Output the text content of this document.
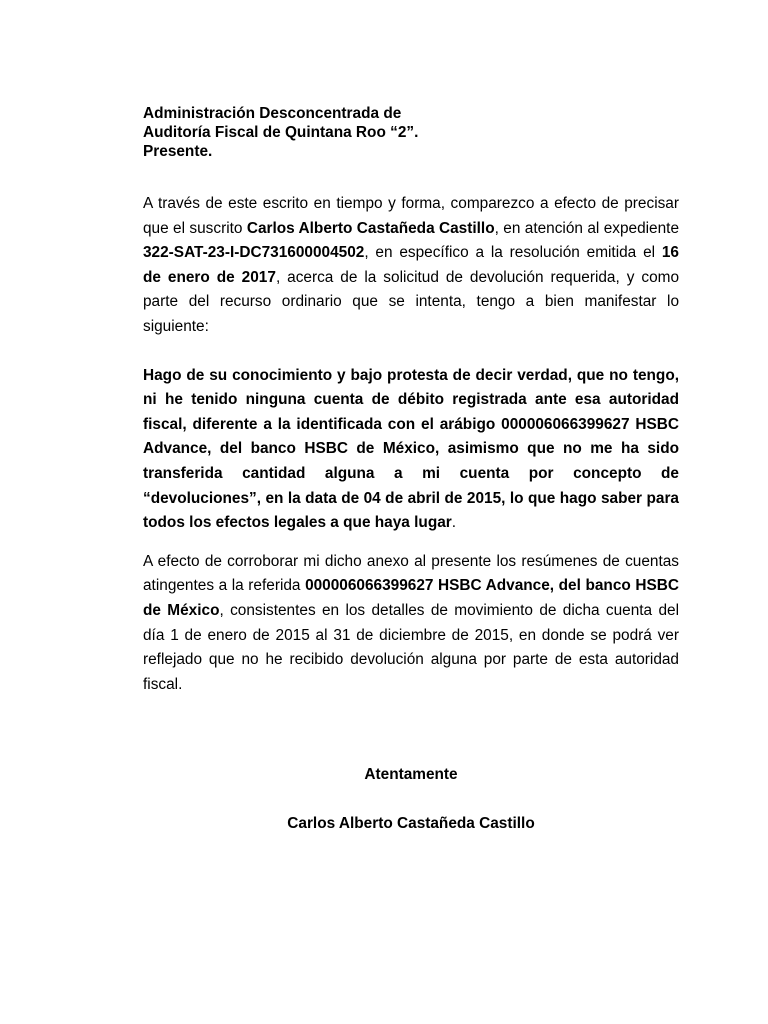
Administración Desconcentrada de
Auditoría Fiscal de Quintana Roo “2”.
Presente.

A través de este escrito en tiempo y forma, comparezco a efecto de precisar que el suscrito Carlos Alberto Castañeda Castillo, en atención al expediente 322-SAT-23-I-DC731600004502, en específico a la resolución emitida el 16 de enero de 2017, acerca de la solicitud de devolución requerida, y como parte del recurso ordinario que se intenta, tengo a bien manifestar lo siguiente:

Hago de su conocimiento y bajo protesta de decir verdad, que no tengo, ni he tenido ninguna cuenta de débito registrada ante esa autoridad fiscal, diferente a la identificada con el arábigo 000006066399627 HSBC Advance, del banco HSBC de México, asimismo que no me ha sido transferida cantidad alguna a mi cuenta por concepto de “devoluciones”, en la data de 04 de abril de 2015, lo que hago saber para todos los efectos legales a que haya lugar.

A efecto de corroborar mi dicho anexo al presente los resúmenes de cuentas atingentes a la referida 000006066399627 HSBC Advance, del banco HSBC de México, consistentes en los detalles de movimiento de dicha cuenta del día 1 de enero de 2015 al 31 de diciembre de 2015, en donde se podrá ver reflejado que no he recibido devolución alguna por parte de esta autoridad fiscal.

Atentamente
Carlos Alberto Castañeda Castillo
